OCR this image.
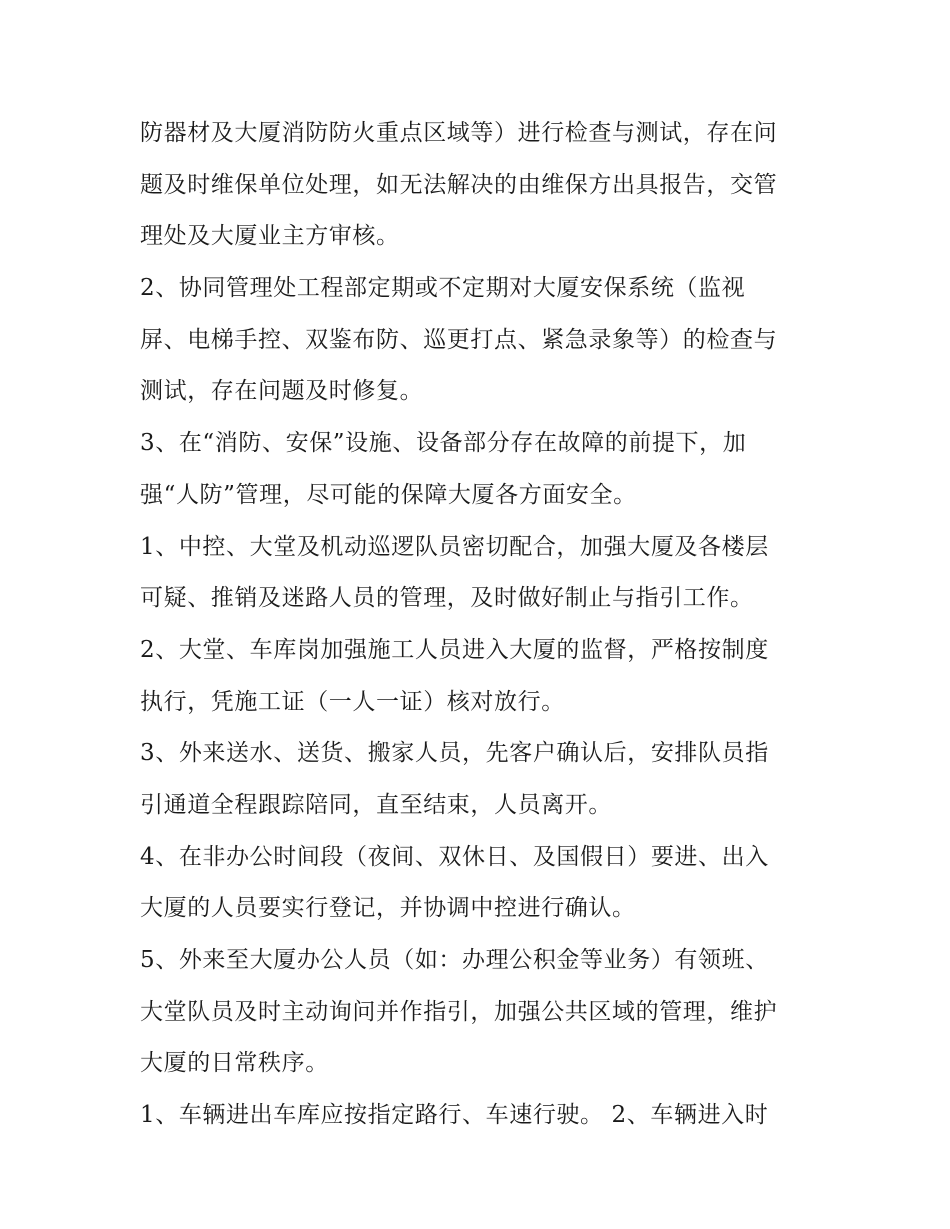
防器材及大厦消防防火重点区域等）进行检查与测试，存在问
题及时维保单位处理，如无法解决的由维保方出具报告，交管
理处及大厦业主方审核。
2、协同管理处工程部定期或不定期对大厦安保系统（监视
屏、电梯手控、双鉴布防、巡更打点、紧急录象等）的检查与
测试，存在问题及时修复。
3、在“消防、安保”设施、设备部分存在故障的前提下，加
强“人防”管理，尽可能的保障大厦各方面安全。
1、中控、大堂及机动巡逻队员密切配合，加强大厦及各楼层
可疑、推销及迷路人员的管理，及时做好制止与指引工作。
2、大堂、车库岗加强施工人员进入大厦的监督，严格按制度
执行，凭施工证（一人一证）核对放行。
3、外来送水、送货、搬家人员，先客户确认后，安排队员指
引通道全程跟踪陪同，直至结束，人员离开。
4、在非办公时间段（夜间、双休日、及国假日）要进、出入
大厦的人员要实行登记，并协调中控进行确认。
5、外来至大厦办公人员（如：办理公积金等业务）有领班、
大堂队员及时主动询问并作指引，加强公共区域的管理，维护
大厦的日常秩序。
1、车辆进出车库应按指定路行、车速行驶。 2、车辆进入时
